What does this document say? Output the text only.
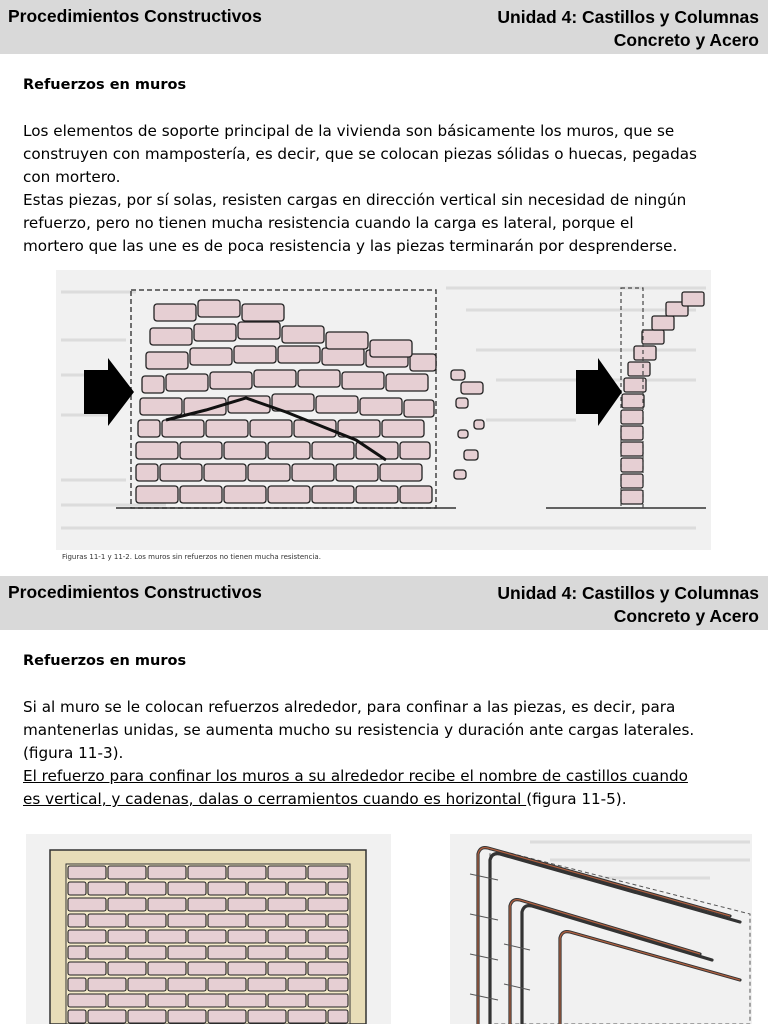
Procedimientos Constructivos	Unidad 4: Castillos y Columnas
Concreto y Acero
Refuerzos en muros
Los elementos de soporte principal de la vivienda son básicamente los muros, que se
construyen con mampostería, es decir, que se colocan piezas sólidas o huecas, pegadas
con mortero.
Estas piezas, por sí solas, resisten cargas en dirección vertical sin necesidad de ningún
refuerzo, pero no tienen mucha resistencia cuando la carga es lateral, porque el
mortero que las une es de poca resistencia y las piezas terminarán por desprenderse.
Figuras 11-1 y 11-2. Los muros sin refuerzos no tienen mucha resistencia.
Procedimientos Constructivos	Unidad 4: Castillos y Columnas
Concreto y Acero
Refuerzos en muros
Si al muro se le colocan refuerzos alrededor, para confinar a las piezas, es decir, para
mantenerlas unidas, se aumenta mucho su resistencia y duración ante cargas laterales.
(figura 11-3).
El refuerzo para confinar los muros a su alrededor recibe el nombre de castillos cuando
es vertical, y cadenas, dalas o cerramientos cuando es horizontal (figura 11-5).
